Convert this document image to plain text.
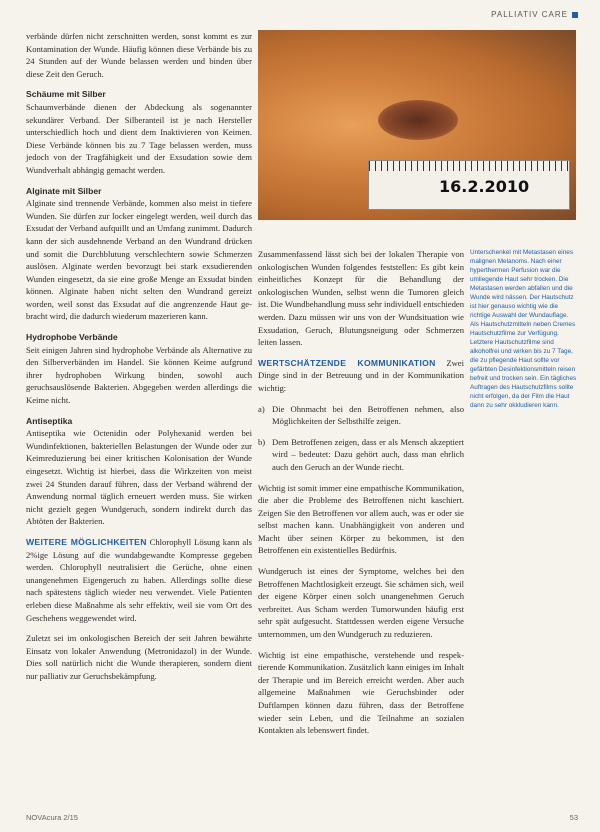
PALLIATIV CARE
16.2.2010

verbände dürfen nicht zerschnitten werden, sonst kommt es zur Kontamination der Wunde. Häufig können diese Verbände bis zu 24 Stunden auf der Wunde belassen werden und binden über diese Zeit den Geruch.

Schäume mit Silber

Schaumverbände dienen der Abdeckung als sogenannter sekundärer Verband. Der Silberanteil ist je nach Hersteller unterschiedlich hoch und dient dem Inaktivieren von Keimen. Diese Verbände können bis zu 7 Tage belassen werden, muss jedoch von der Tragfähigkeit und der Exsudation sowie dem Wundverhalt abhängig gemacht werden.

Alginate mit Silber

Alginate sind trennende Verbände, kommen also meist in tiefere Wunden. Sie dürfen zur locker eingelegt werden, weil durch das Exsudat der Verband aufquillt und an Umfang zunimmt. Dadurch kann der sich ausdehnende Verband an den Wundrand drücken und somit die Durchblutung verschlechtern sowie Schmerzen auslösen. Alginate werden bevorzugt bei stark exsudierenden Wunden eingesetzt, da sie eine große Menge an Exsudat binden können. Alginate haben nicht selten den Wundrand gereizt worden, weil sonst das Exsudat auf die angrenzende Haut gebracht wird, die dadurch wiederum mazerieren kann.

Hydrophobe Verbände

Seit einigen Jahren sind hydrophobe Verbände als Alternative zu den Silberverbänden im Handel. Sie können Keime aufgrund ihrer hydrophoben Wirkung binden, sowohl auch geruchsauslösende Bakterien. Abgegeben werden allerdings die Keime nicht.

Antiseptika

Antiseptika wie Octenidin oder Polyhexanid werden bei Wundinfektionen, bakteriellen Belastungen der Wunde oder zur Keimreduzierung bei einer kritischen Kolonisation der Wunde eingesetzt. Wichtig ist hierbei, dass die Wirkzeiten von meist zwei 24 Stunden darauf führen, dass der Verband während der Anwendung normal täglich erneuert werden muss. Sie wirken nicht gezielt gegen Wundgeruch, sondern indirekt durch das Abtöten der Bakterien.

WEITERE MÖGLICHKEITEN Chlorophyll Lösung kann als 2%ige Lösung auf die wundabgewandte Kompresse gegeben werden. Chlorophyll neutralisiert die Gerüche, ohne einen unangenehmen Eigengeruch zu haben. Allerdings sollte diese nach spätestens täglich wieder neu verwendet. Viele Patienten erleben diese Maßnahme als sehr effektiv, weil sie vom Ort des Geschehens weggewendet wird.

Zuletzt sei im onkologischen Bereich der seit Jahren bewährte Einsatz von lokaler Anwendung (Metronidazol) in der Wunde. Dies soll natürlich nicht die Wunde therapieren, sondern dient nur palliativ zur Geruchsbekämpfung.

Zusammenfassend lässt sich bei der lokalen Therapie von onkologischen Wunden folgendes feststellen: Es gibt kein einheitliches Konzept für die Behandlung der onkologischen Wunden, selbst wenn die Tumoren gleich ist. Die Wundbehandlung muss sehr individuell entschieden werden. Dazu müssen wir uns von der Wundsituation wie Exsudation, Geruch, Blutungsneigung oder Schmerzen leiten lassen.

WERTSCHÄTZENDE KOMMUNIKATION Zwei Dinge sind in der Betreuung und in der Kommunikation wichtig:

a) Die Ohnmacht bei den Betroffenen nehmen, also Möglichkeiten der Selbsthilfe zeigen.
b) Dem Betroffenen zeigen, dass er als Mensch akzeptiert wird – bedeutet: Dazu gehört auch, dass man ehrlich auch den Geruch an der Wunde riecht.

Wichtig ist somit immer eine empathische Kommunikation, die aber die Probleme des Betroffenen nicht kaschiert. Zeigen Sie den Betroffenen vor allem auch, was er oder sie selbst machen kann. Unabhängigkeit von anderen und Macht über seinen Körper zu bekommen, ist den Betroffenen ein existentielles Bedürfnis.

Wundgeruch ist eines der Symptome, welches bei den Betroffenen Machtlosigkeit erzeugt. Sie schämen sich, weil der eigene Körper einen solch unangenehmen Geruch verbreitet. Aus Scham werden Tumorwunden häufig erst sehr spät aufgesucht. Stattdessen werden eigene Versuche unternommen, um den Wundgeruch zu reduzieren.

Wichtig ist eine empathische, verstehende und respektierende Kommunikation. Zusätzlich kann einiges im Inhalt der Therapie und im Bereich erreicht werden. Aber auch allgemeine Maßnahmen wie Geruchsbinder oder Duftlampen können dazu führen, dass der Betroffene wieder sein Leben, und die Teilnahme an sozialen Kontakten als lebenswert findet.

Unterschenkel mit Metastasen eines malignen Melanoms. Nach einer hyperthermen Perfusion war die umliegende Haut sehr trocken. Die Metastasen werden abfallen und die Wunde wird nässen. Der Hautschutz ist hier genauso wichtig wie die richtige Auswahl der Wundauflage. Als Hautschutzmitteln neben Cremes Hautschutzfilme zur Verfügung. Letztere Hautschutzfilme sind alkoholfrei und wirken bis zu 7 Tage, die zu pflegende Haut sollte vor gefärbten Desinfektionsmitteln reisen befreit und trocken sein. Ein tägliches Auftragen des Hautschutzfilms sollte nicht erfolgen, da der Film die Haut dann zu sehr okkludieren kann.
NOVAcura 2/15	53
